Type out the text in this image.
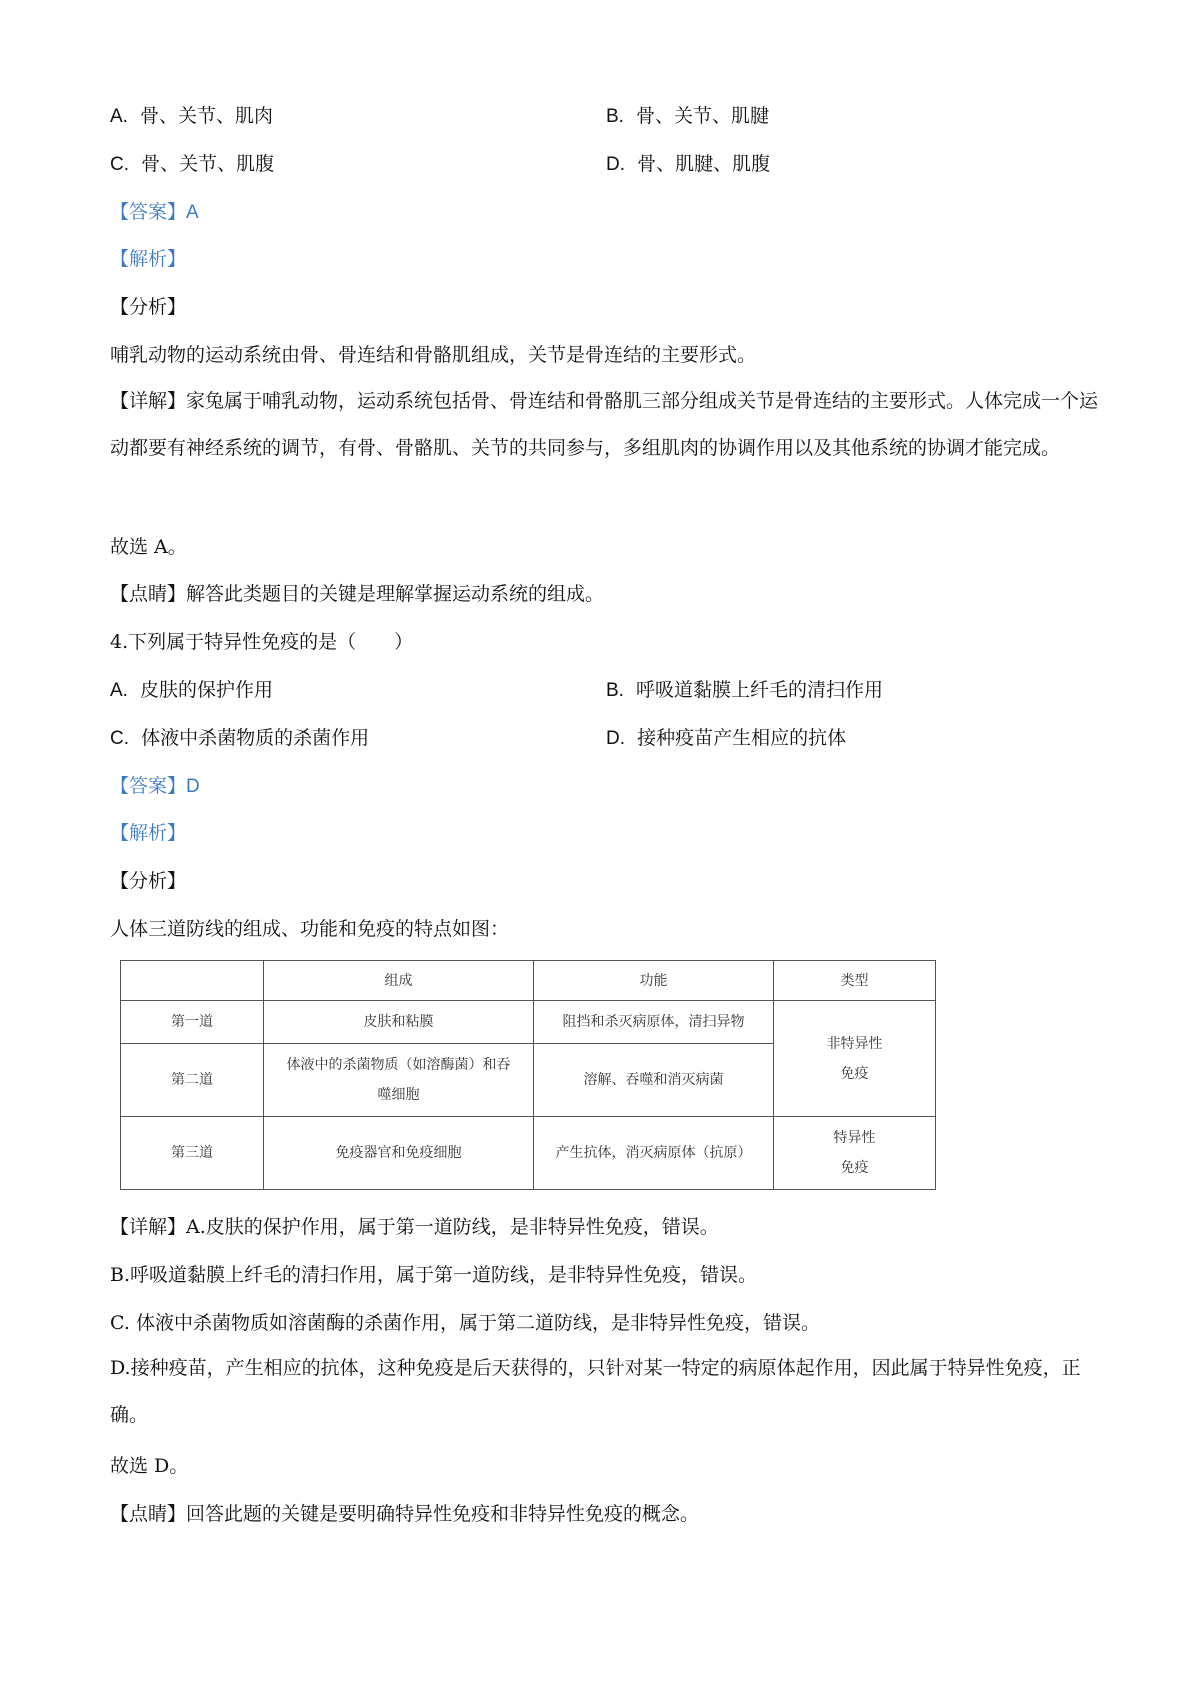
A. 骨、关节、肌肉	B. 骨、关节、肌腱
C. 骨、关节、肌腹	D. 骨、肌腱、肌腹
【答案】A
【解析】
【分析】
哺乳动物的运动系统由骨、骨连结和骨骼肌组成，关节是骨连结的主要形式。
【详解】家兔属于哺乳动物，运动系统包括骨、骨连结和骨骼肌三部分组成关节是骨连结的主要形式。人体完成一个运动都要有神经系统的调节，有骨、骨骼肌、关节的共同参与，多组肌肉的协调作用以及其他系统的协调才能完成。
故选 A。
【点睛】解答此类题目的关键是理解掌握运动系统的组成。
4.下列属于特异性免疫的是（　　）
A. 皮肤的保护作用	B. 呼吸道黏膜上纤毛的清扫作用
C. 体液中杀菌物质的杀菌作用	D. 接种疫苗产生相应的抗体
【答案】D
【解析】
【分析】
人体三道防线的组成、功能和免疫的特点如图：
	组成	功能	类型
第一道	皮肤和粘膜	阻挡和杀灭病原体，清扫异物	非特异性免疫

第二道	体液中的杀菌物质（如溶酶菌）和吞噬细胞	溶解、吞噬和消灭病菌	
第三道	免疫器官和免疫细胞	产生抗体，消灭病原体（抗原）	特异性免疫
【详解】A.皮肤的保护作用，属于第一道防线，是非特异性免疫，错误。
B.呼吸道黏膜上纤毛的清扫作用，属于第一道防线，是非特异性免疫，错误。
C. 体液中杀菌物质如溶菌酶的杀菌作用，属于第二道防线，是非特异性免疫，错误。
D.接种疫苗，产生相应的抗体，这种免疫是后天获得的，只针对某一特定的病原体起作用，因此属于特异性免疫，正确。
故选 D。
【点睛】回答此题的关键是要明确特异性免疫和非特异性免疫的概念。
